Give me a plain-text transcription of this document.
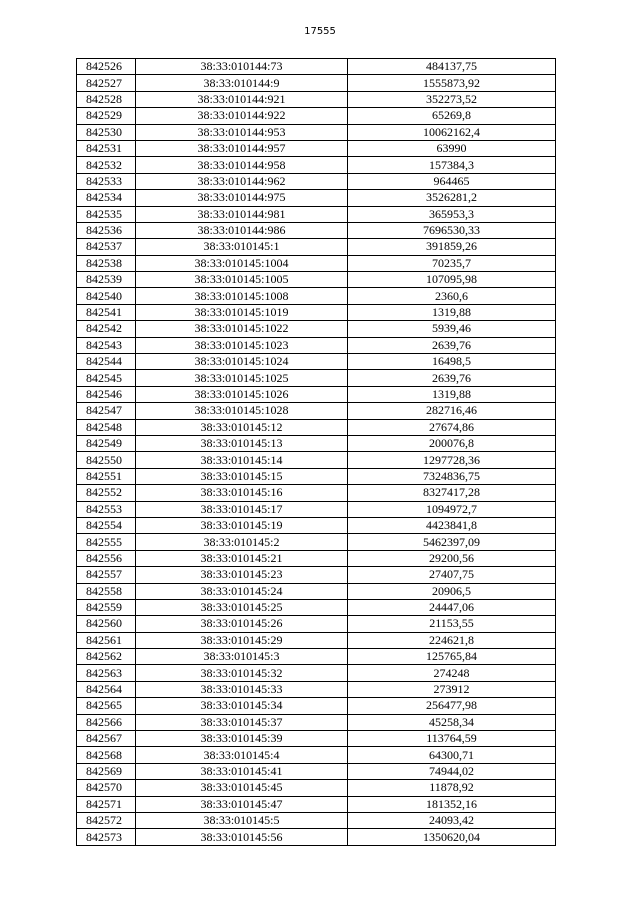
17555
842526	38:33:010144:73	484137,75
842527	38:33:010144:9	1555873,92
842528	38:33:010144:921	352273,52
842529	38:33:010144:922	65269,8
842530	38:33:010144:953	10062162,4
842531	38:33:010144:957	63990
842532	38:33:010144:958	157384,3
842533	38:33:010144:962	964465
842534	38:33:010144:975	3526281,2
842535	38:33:010144:981	365953,3
842536	38:33:010144:986	7696530,33
842537	38:33:010145:1	391859,26
842538	38:33:010145:1004	70235,7
842539	38:33:010145:1005	107095,98
842540	38:33:010145:1008	2360,6
842541	38:33:010145:1019	1319,88
842542	38:33:010145:1022	5939,46
842543	38:33:010145:1023	2639,76
842544	38:33:010145:1024	16498,5
842545	38:33:010145:1025	2639,76
842546	38:33:010145:1026	1319,88
842547	38:33:010145:1028	282716,46
842548	38:33:010145:12	27674,86
842549	38:33:010145:13	200076,8
842550	38:33:010145:14	1297728,36
842551	38:33:010145:15	7324836,75
842552	38:33:010145:16	8327417,28
842553	38:33:010145:17	1094972,7
842554	38:33:010145:19	4423841,8
842555	38:33:010145:2	5462397,09
842556	38:33:010145:21	29200,56
842557	38:33:010145:23	27407,75
842558	38:33:010145:24	20906,5
842559	38:33:010145:25	24447,06
842560	38:33:010145:26	21153,55
842561	38:33:010145:29	224621,8
842562	38:33:010145:3	125765,84
842563	38:33:010145:32	274248
842564	38:33:010145:33	273912
842565	38:33:010145:34	256477,98
842566	38:33:010145:37	45258,34
842567	38:33:010145:39	113764,59
842568	38:33:010145:4	64300,71
842569	38:33:010145:41	74944,02
842570	38:33:010145:45	11878,92
842571	38:33:010145:47	181352,16
842572	38:33:010145:5	24093,42
842573	38:33:010145:56	1350620,04
